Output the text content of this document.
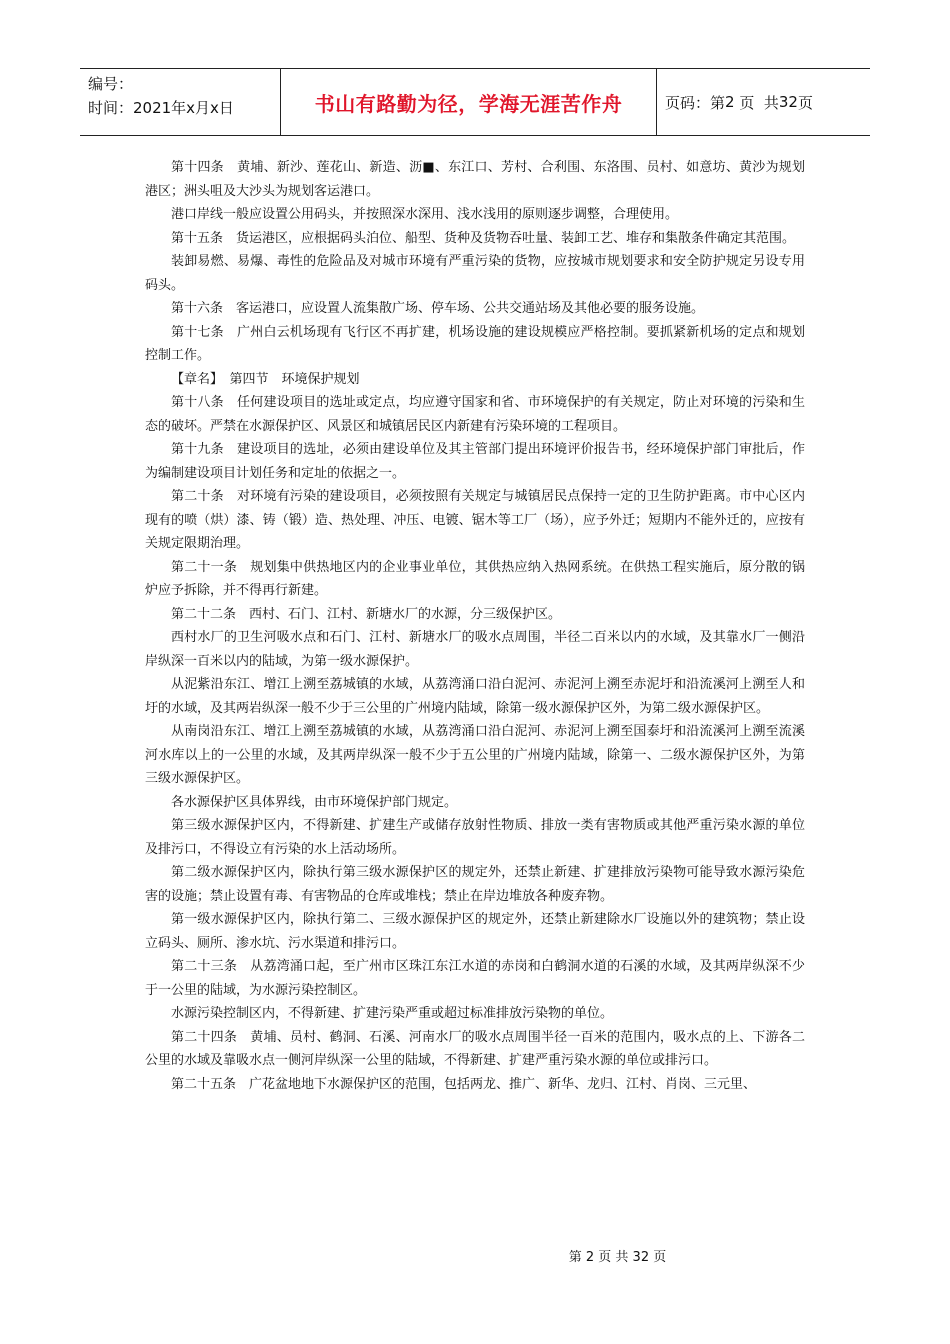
编号：
时间：2021年x月x日	书山有路勤为径，学海无涯苦作舟	页码：第 2
页  共 32 页

第十四条　黄埔、新沙、莲花山、新造、沥■、东江口、芳村、合利围、东洛围、员村、如意坊、黄沙为规划港区；洲头咀及大沙头为规划客运港口。

港口岸线一般应设置公用码头，并按照深水深用、浅水浅用的原则逐步调整，合理使用。

第十五条　货运港区，应根据码头泊位、船型、货种及货物吞吐量、装卸工艺、堆存和集散条件确定其范围。

装卸易燃、易爆、毒性的危险品及对城市环境有严重污染的货物，应按城市规划要求和安全防护规定另设专用码头。

第十六条　客运港口，应设置人流集散广场、停车场、公共交通站场及其他必要的服务设施。

第十七条　广州白云机场现有飞行区不再扩建，机场设施的建设规模应严格控制。要抓紧新机场的定点和规划控制工作。

【章名】　第四节　环境保护规划

第十八条　任何建设项目的选址或定点，均应遵守国家和省、市环境保护的有关规定，防止对环境的污染和生态的破坏。严禁在水源保护区、风景区和城镇居民区内新建有污染环境的工程项目。

第十九条　建设项目的选址，必须由建设单位及其主管部门提出环境评价报告书，经环境保护部门审批后，作为编制建设项目计划任务和定址的依据之一。

第二十条　对环境有污染的建设项目，必须按照有关规定与城镇居民点保持一定的卫生防护距离。市中心区内现有的喷（烘）漆、铸（锻）造、热处理、冲压、电镀、锯木等工厂（场），应予外迁；短期内不能外迁的，应按有关规定限期治理。

第二十一条　规划集中供热地区内的企业事业单位，其供热应纳入热网系统。在供热工程实施后，原分散的锅炉应予拆除，并不得再行新建。

第二十二条　西村、石门、江村、新塘水厂的水源，分三级保护区。

西村水厂的卫生河吸水点和石门、江村、新塘水厂的吸水点周围，半径二百米以内的水域，及其靠水厂一侧沿岸纵深一百米以内的陆域，为第一级水源保护。

从泥紫沿东江、增江上溯至荔城镇的水域，从荔湾涌口沿白泥河、赤泥河上溯至赤泥圩和沿流溪河上溯至人和圩的水域，及其两岩纵深一般不少于三公里的广州境内陆域，除第一级水源保护区外，为第二级水源保护区。

从南岗沿东江、增江上溯至荔城镇的水域，从荔湾涌口沿白泥河、赤泥河上溯至国泰圩和沿流溪河上溯至流溪河水库以上的一公里的水域，及其两岸纵深一般不少于五公里的广州境内陆域，除第一、二级水源保护区外，为第三级水源保护区。

各水源保护区具体界线，由市环境保护部门规定。

第三级水源保护区内，不得新建、扩建生产或储存放射性物质、排放一类有害物质或其他严重污染水源的单位及排污口，不得设立有污染的水上活动场所。

第二级水源保护区内，除执行第三级水源保护区的规定外，还禁止新建、扩建排放污染物可能导致水源污染危害的设施；禁止设置有毒、有害物品的仓库或堆栈；禁止在岸边堆放各种废弃物。

第一级水源保护区内，除执行第二、三级水源保护区的规定外，还禁止新建除水厂设施以外的建筑物；禁止设立码头、厕所、渗水坑、污水渠道和排污口。

第二十三条　从荔湾涌口起，至广州市区珠江东江水道的赤岗和白鹤洞水道的石溪的水域，及其两岸纵深不少于一公里的陆域，为水源污染控制区。

水源污染控制区内，不得新建、扩建污染严重或超过标准排放污染物的单位。

第二十四条　黄埔、员村、鹤洞、石溪、河南水厂的吸水点周围半径一百米的范围内，吸水点的上、下游各二公里的水域及靠吸水点一侧河岸纵深一公里的陆域，不得新建、扩建严重污染水源的单位或排污口。

第二十五条　广花盆地地下水源保护区的范围，包括两龙、推广、新华、龙归、江村、肖岗、三元里、

第 2 页 共 32 页
